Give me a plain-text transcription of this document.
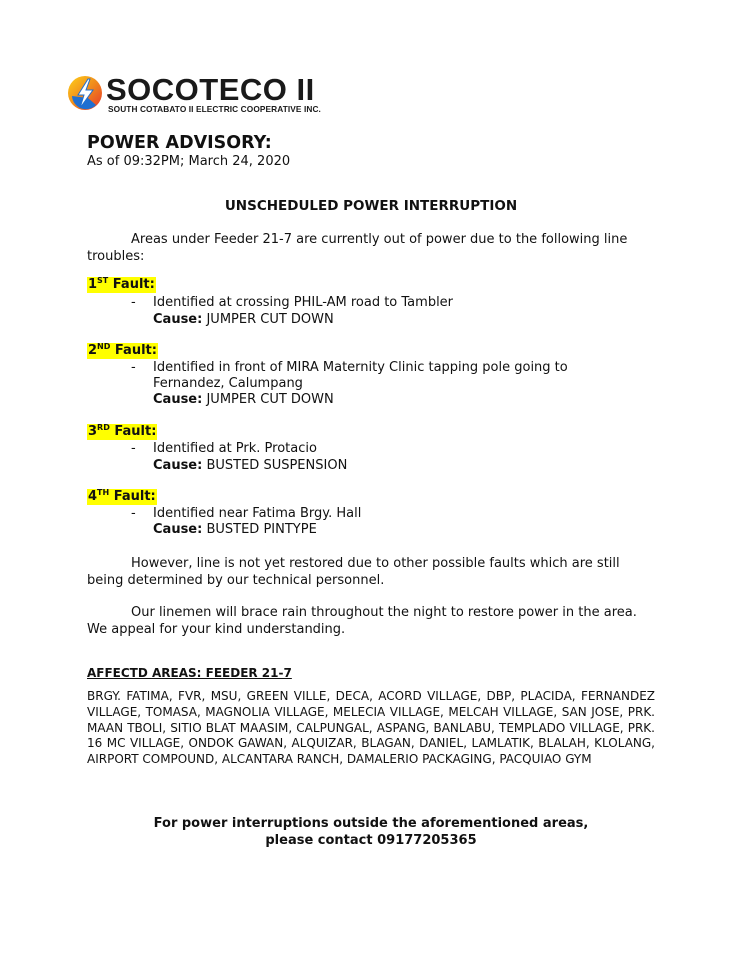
SOCOTECO II
SOUTH COTABATO II ELECTRIC COOPERATIVE INC.
POWER ADVISORY:
As of 09:32PM; March 24, 2020
UNSCHEDULED POWER INTERRUPTION
Areas under Feeder 21-7 are currently out of power due to the following line troubles:
1ST Fault:
- Identified at crossing PHIL-AM road to Tambler
Cause: JUMPER CUT DOWN
2ND Fault:
- Identified in front of MIRA Maternity Clinic tapping pole going to
Fernandez, Calumpang
Cause: JUMPER CUT DOWN
3RD Fault:
- Identified at Prk. Protacio
Cause: BUSTED SUSPENSION
4TH Fault:
- Identified near Fatima Brgy. Hall
Cause: BUSTED PINTYPE
However, line is not yet restored due to other possible faults which are still being determined by our technical personnel.
Our linemen will brace rain throughout the night to restore power in the area. We appeal for your kind understanding.
AFFECTD AREAS: FEEDER 21-7
BRGY. FATIMA, FVR, MSU, GREEN VILLE, DECA, ACORD VILLAGE, DBP, PLACIDA, FERNANDEZ VILLAGE, TOMASA, MAGNOLIA VILLAGE, MELECIA VILLAGE, MELCAH VILLAGE, SAN JOSE, PRK. MAAN TBOLI, SITIO BLAT MAASIM, CALPUNGAL, ASPANG, BANLABU, TEMPLADO VILLAGE, PRK. 16 MC VILLAGE, ONDOK GAWAN, ALQUIZAR, BLAGAN, DANIEL, LAMLATIK, BLALAH, KLOLANG, AIRPORT COMPOUND, ALCANTARA RANCH, DAMALERIO PACKAGING, PACQUIAO GYM
For power interruptions outside the aforementioned areas,
please contact 09177205365
